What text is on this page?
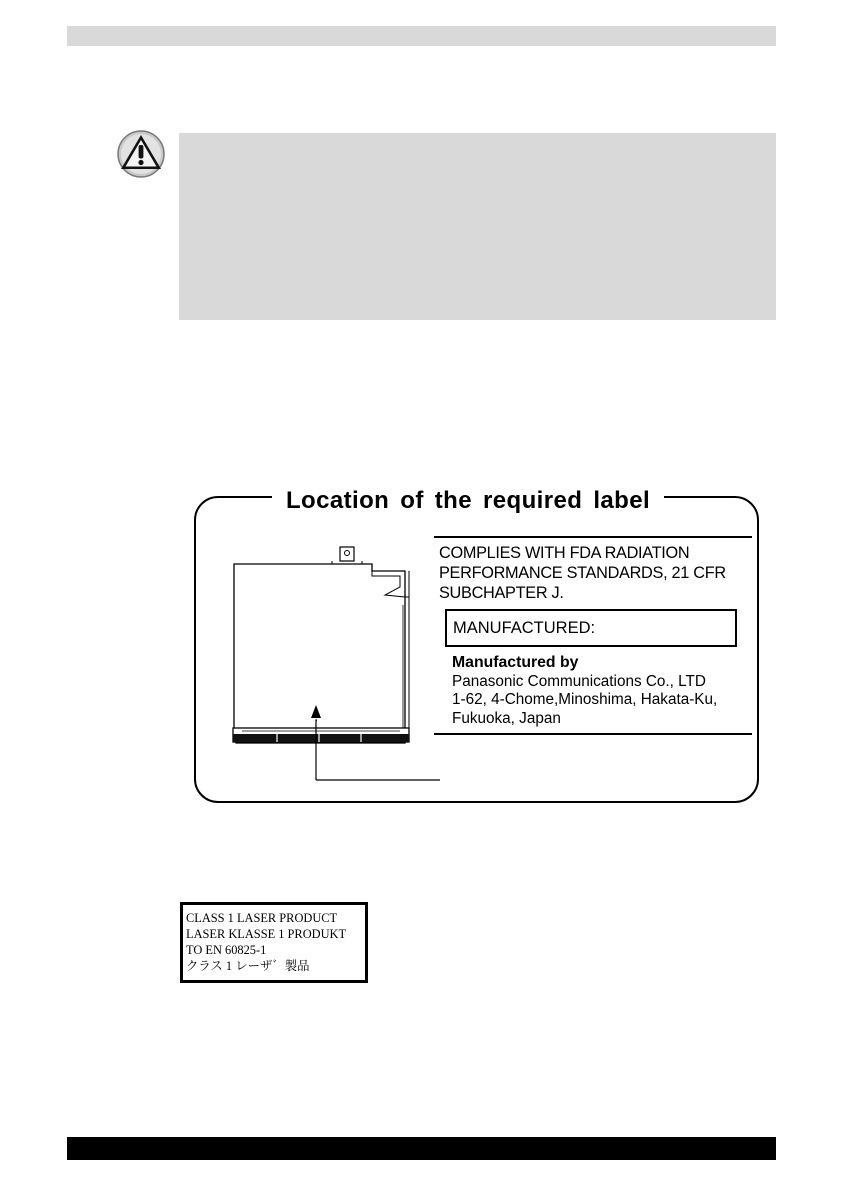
Location of the required label
COMPLIES WITH FDA RADIATION
PERFORMANCE STANDARDS, 21 CFR
SUBCHAPTER J.
MANUFACTURED:
Manufactured by
Panasonic Communications Co., LTD
1-62, 4-Chome,Minoshima, Hakata-Ku,
Fukuoka, Japan
CLASS 1 LASER PRODUCT
LASER KLASSE 1 PRODUKT
TO EN 60825-1
クラス 1 レーザ゛製品
